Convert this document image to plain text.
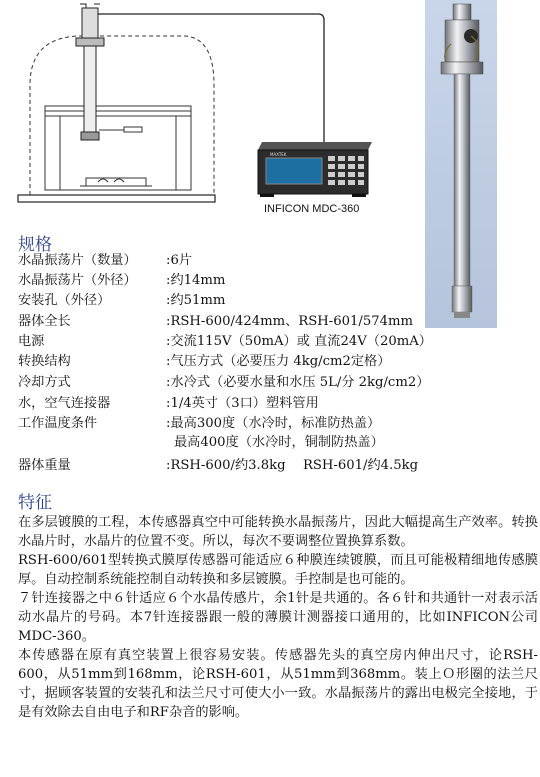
MAXTEK
INFICON MDC-360
规格
水晶振荡片（数量） :6片
水晶振荡片（外径） :约14mm
安装孔（外径）	:约51mm
器体全长	:RSH-600/424mm、RSH-601/574mm
电源	:交流115V（50mA）或 直流24V（20mA）
转换结构	:气压方式（必要压力 4kg/cm2定格）
冷却方式	:水冷式（必要水量和水压 5L/分 2kg/cm2）
水，空气连接器	:1/4英寸（3口）塑料管用
工作温度条件	:最高300度（水冷时，标准防热盖）
最高400度（水冷时，铜制防热盖）
器体重量	:RSH-600/约3.8kg　 RSH-601/约4.5kg
特征

在多层镀膜的工程，本传感器真空中可能转换水晶振荡片，因此大幅提高生产效率。转换水晶片时，水晶片的位置不变。所以，每次不要调整位置换算系数。

RSH-600/601型转换式膜厚传感器可能适应６种膜连续镀膜，而且可能极精细地传感膜厚。自动控制系统能控制自动转换和多层镀膜。手控制是也可能的。

７针连接器之中６针适应６个水晶传感片，余1针是共通的。各６针和共通针一对表示活动水晶片的号码。本7针连接器跟一般的薄膜计测器接口通用的，比如INFICON公司MDC-360。

本传感器在原有真空装置上很容易安装。传感器先头的真空房内伸出尺寸，论RSH-600，从51mm到168mm，论RSH-601，从51mm到368mm。装上Ｏ形圈的法兰尺寸，据顾客装置的安装孔和法兰尺寸可使大小一致。水晶振荡片的露出电极完全接地，于是有效除去自由电子和RF杂音的影响。
